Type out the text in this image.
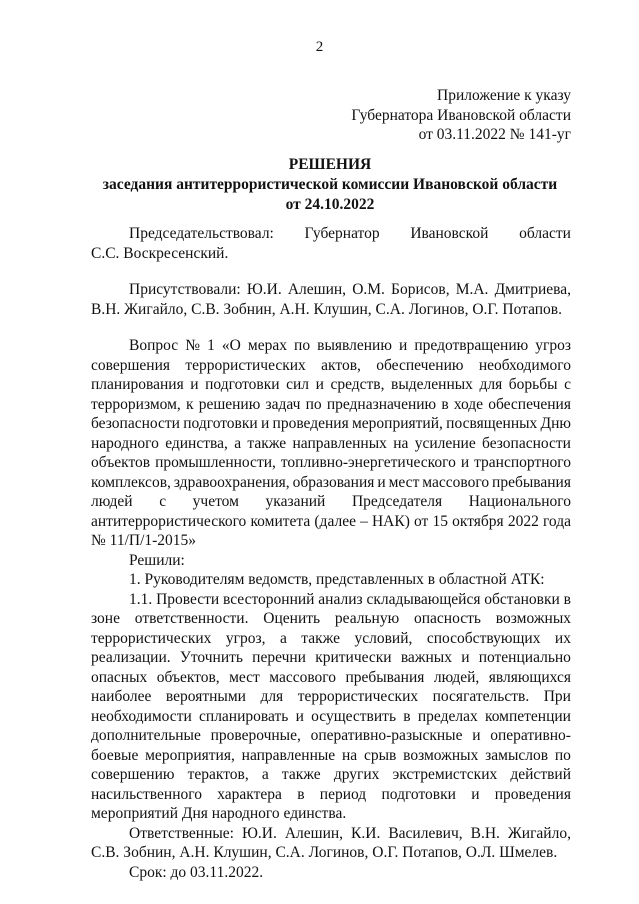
2
Приложение к указу
Губернатора Ивановской области
от 03.11.2022 № 141-уг
РЕШЕНИЯ
заседания антитеррористической комиссии Ивановской области
от 24.10.2022
Председательствовал: Губернатор Ивановской области
С.С. Воскресенский.
Присутствовали: Ю.И. Алешин, О.М. Борисов, М.А. Дмитриева,
В.Н. Жигайло, С.В. Зобнин, А.Н. Клушин, С.А. Логинов, О.Г. Потапов.
Вопрос № 1 «О мерах по выявлению и предотвращению угроз
совершения террористических актов, обеспечению необходимого
планирования и подготовки сил и средств, выделенных для борьбы с
терроризмом, к решению задач по предназначению в ходе обеспечения
безопасности подготовки и проведения мероприятий, посвященных Дню
народного единства, а также направленных на усиление безопасности
объектов промышленности, топливно-энергетического и транспортного
комплексов, здравоохранения, образования и мест массового пребывания
людей с учетом указаний Председателя Национального
антитеррористического комитета (далее – НАК) от 15 октября 2022 года
№ 11/П/1-2015»
Решили:
1. Руководителям ведомств, представленных в областной АТК:
1.1. Провести всесторонний анализ складывающейся обстановки в
зоне ответственности. Оценить реальную опасность возможных
террористических угроз, а также условий, способствующих их
реализации. Уточнить перечни критически важных и потенциально
опасных объектов, мест массового пребывания людей, являющихся
наиболее вероятными для террористических посягательств. При
необходимости спланировать и осуществить в пределах компетенции
дополнительные проверочные, оперативно-разыскные и оперативно-
боевые мероприятия, направленные на срыв возможных замыслов по
совершению терактов, а также других экстремистских действий
насильственного характера в период подготовки и проведения
мероприятий Дня народного единства.
Ответственные: Ю.И. Алешин, К.И. Василевич, В.Н. Жигайло,
С.В. Зобнин, А.Н. Клушин, С.А. Логинов, О.Г. Потапов, О.Л. Шмелев.
Срок: до 03.11.2022.
